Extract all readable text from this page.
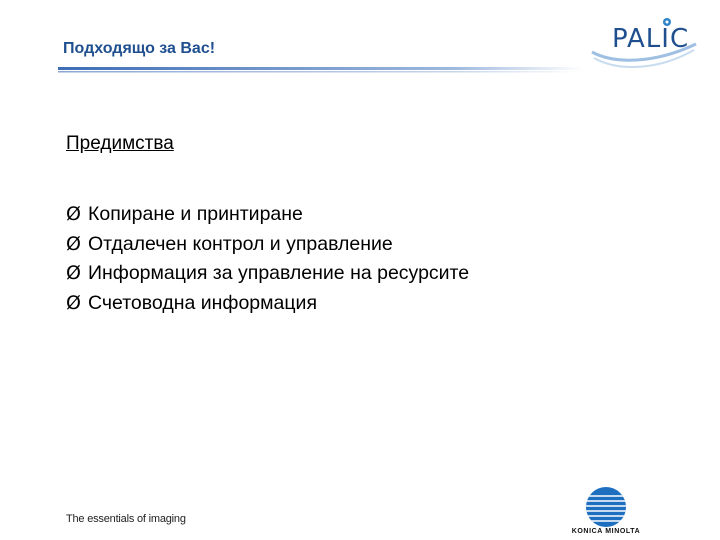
Подходящо за Вас!	PALIC
Предимства
Ø Копиране и принтиране
Ø Отдалечен контрол и управление
Ø Информация за управление на ресурсите
Ø Счетоводна информация
The essentials of imaging
KONICA MINOLTA
